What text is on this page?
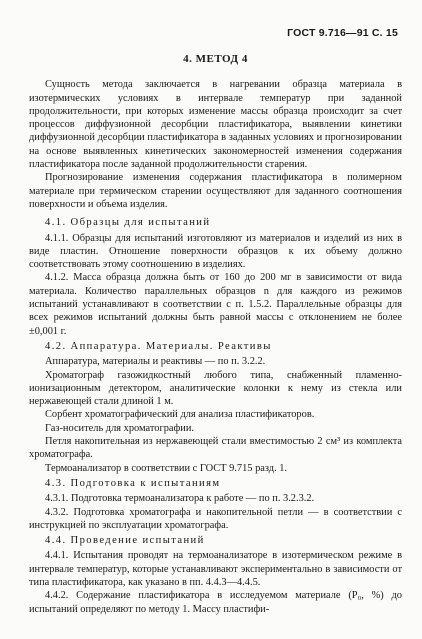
ГОСТ 9.716—91 С. 15
4. МЕТОД 4

Сущность метода заключается в нагревании образца материала в изотермических условиях в интервале температур при заданной продолжительности, при которых изменение массы образца происходит за счет процессов диффузионной десорбции пластификатора, выявлении кинетики диффузионной десорбции пластификатора в заданных условиях и прогнозировании на основе выявленных кинетических закономерностей изменения содержания пластификатора после заданной продолжительности старения.

Прогнозирование изменения содержания пластификатора в полимерном материале при термическом старении осуществляют для заданного соотношения поверхности и объема изделия.

4.1. Образцы для испытаний

4.1.1. Образцы для испытаний изготовляют из материалов и изделий из них в виде пластин. Отношение поверхности образцов к их объему должно соответствовать этому соотношению в изделиях.

4.1.2. Масса образца должна быть от 160 до 200 мг в зависимости от вида материала. Количество параллельных образцов n для каждого из режимов испытаний устанавливают в соответствии с п. 1.5.2. Параллельные образцы для всех режимов испытаний должны быть равной массы с отклонением не более ±0,001 г.

4.2. Аппаратура. Материалы. Реактивы

Аппаратура, материалы и реактивы — по п. 3.2.2.

Хроматограф газожидкостный любого типа, снабженный пламенно-ионизационным детектором, аналитические колонки к нему из стекла или нержавеющей стали длиной 1 м.

Сорбент хроматографический для анализа пластификаторов.

Газ-носитель для хроматографии.

Петля накопительная из нержавеющей стали вместимостью 2 см³ из комплекта хроматографа.

Термоанализатор в соответствии с ГОСТ 9.715 разд. 1.

4.3. Подготовка к испытаниям

4.3.1. Подготовка термоанализатора к работе — по п. 3.2.3.2.

4.3.2. Подготовка хроматографа и накопительной петли — в соответствии с инструкцией по эксплуатации хроматографа.

4.4. Проведение испытаний

4.4.1. Испытания проводят на термоанализаторе в изотермическом режиме в интервале температур, которые устанавливают экспериментально в зависимости от типа пластификатора, как указано в пп. 4.4.3—4.4.5.

4.4.2. Содержание пластификатора в исследуемом материале (P₀, %) до испытаний определяют по методу 1. Массу пластифи-
